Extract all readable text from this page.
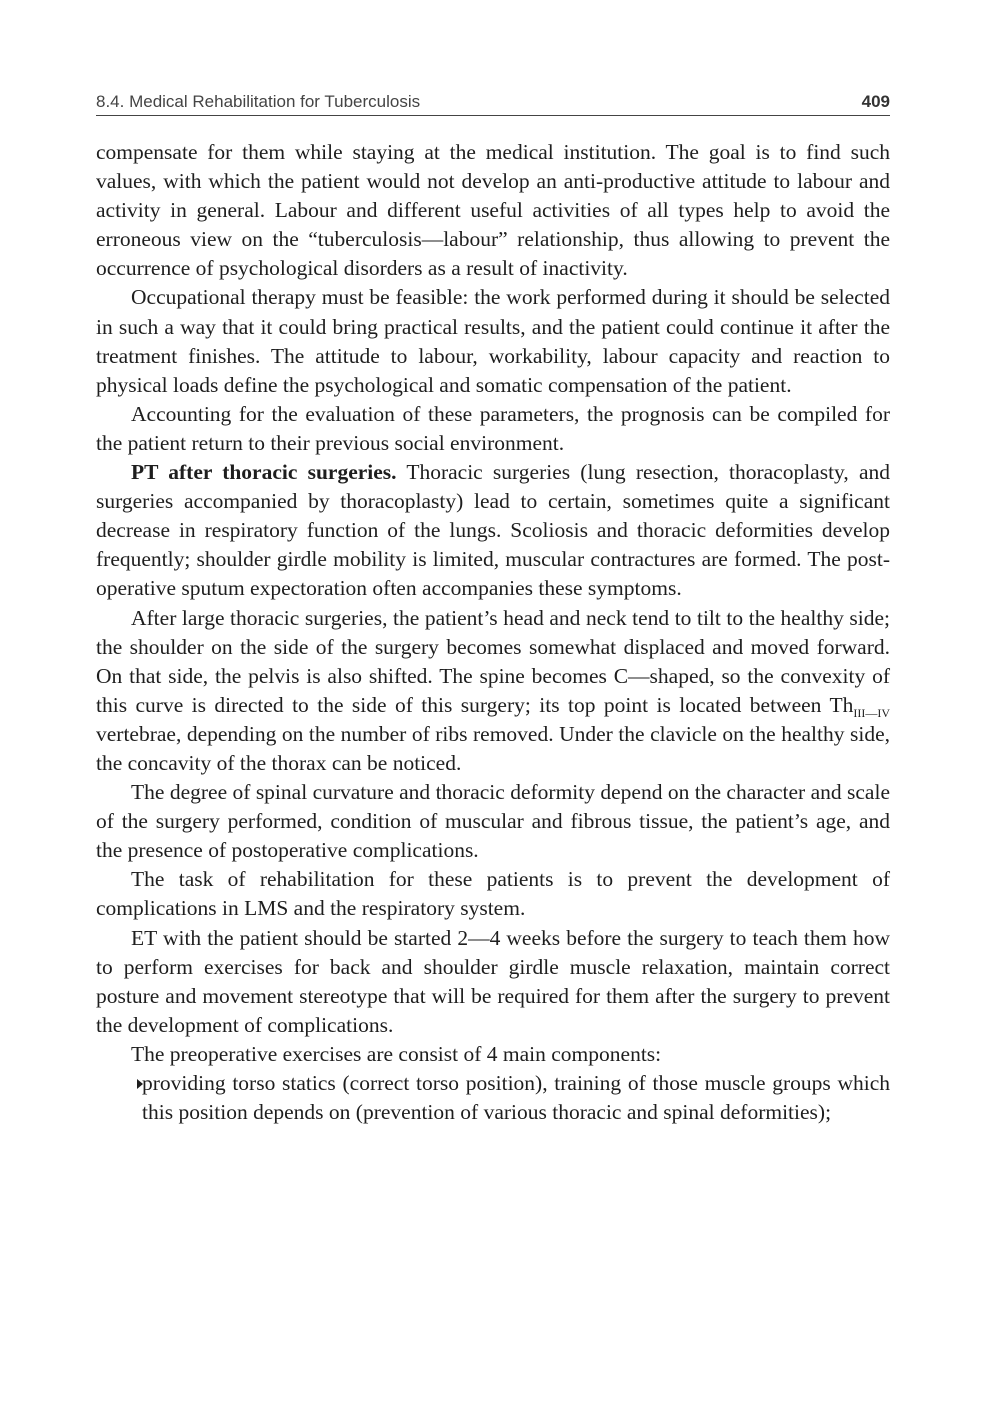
8.4. Medical Rehabilitation for Tuberculosis	409

compensate for them while staying at the medical institution. The goal is to find such values, with which the patient would not develop an anti-productive attitude to labour and activity in general. Labour and different useful activities of all types help to avoid the erroneous view on the “tuberculosis—labour” relationship, thus allowing to prevent the occurrence of psychological disorders as a result of inactivity.

Occupational therapy must be feasible: the work performed during it should be selected in such a way that it could bring practical results, and the patient could continue it after the treatment finishes. The attitude to labour, workability, labour capacity and reaction to physical loads define the psychological and somatic compensation of the patient.

Accounting for the evaluation of these parameters, the prognosis can be compiled for the patient return to their previous social environment.

PT after thoracic surgeries. Thoracic surgeries (lung resection, thoracoplasty, and surgeries accompanied by thoracoplasty) lead to certain, sometimes quite a significant decrease in respiratory function of the lungs. Scoliosis and thoracic deformities develop frequently; shoulder girdle mobility is limited, muscular contractures are formed. The post-operative sputum expectoration often accompanies these symptoms.

After large thoracic surgeries, the patient’s head and neck tend to tilt to the healthy side; the shoulder on the side of the surgery becomes somewhat displaced and moved forward. On that side, the pelvis is also shifted. The spine becomes C—shaped, so the convexity of this curve is directed to the side of this surgery; its top point is located between $Th_{III—IV}$ vertebrae, depending on the number of ribs removed. Under the clavicle on the healthy side, the concavity of the thorax can be noticed.

The degree of spinal curvature and thoracic deformity depend on the character and scale of the surgery performed, condition of muscular and fibrous tissue, the patient’s age, and the presence of postoperative complications.

The task of rehabilitation for these patients is to prevent the development of complications in LMS and the respiratory system.

ET with the patient should be started 2—4 weeks before the surgery to teach them how to perform exercises for back and shoulder girdle muscle relaxation, maintain correct posture and movement stereotype that will be required for them after the surgery to prevent the development of complications.

The preoperative exercises are consist of 4 main components:

providing torso statics (correct torso position), training of those muscle groups which this position depends on (prevention of various thoracic and spinal deformities);
